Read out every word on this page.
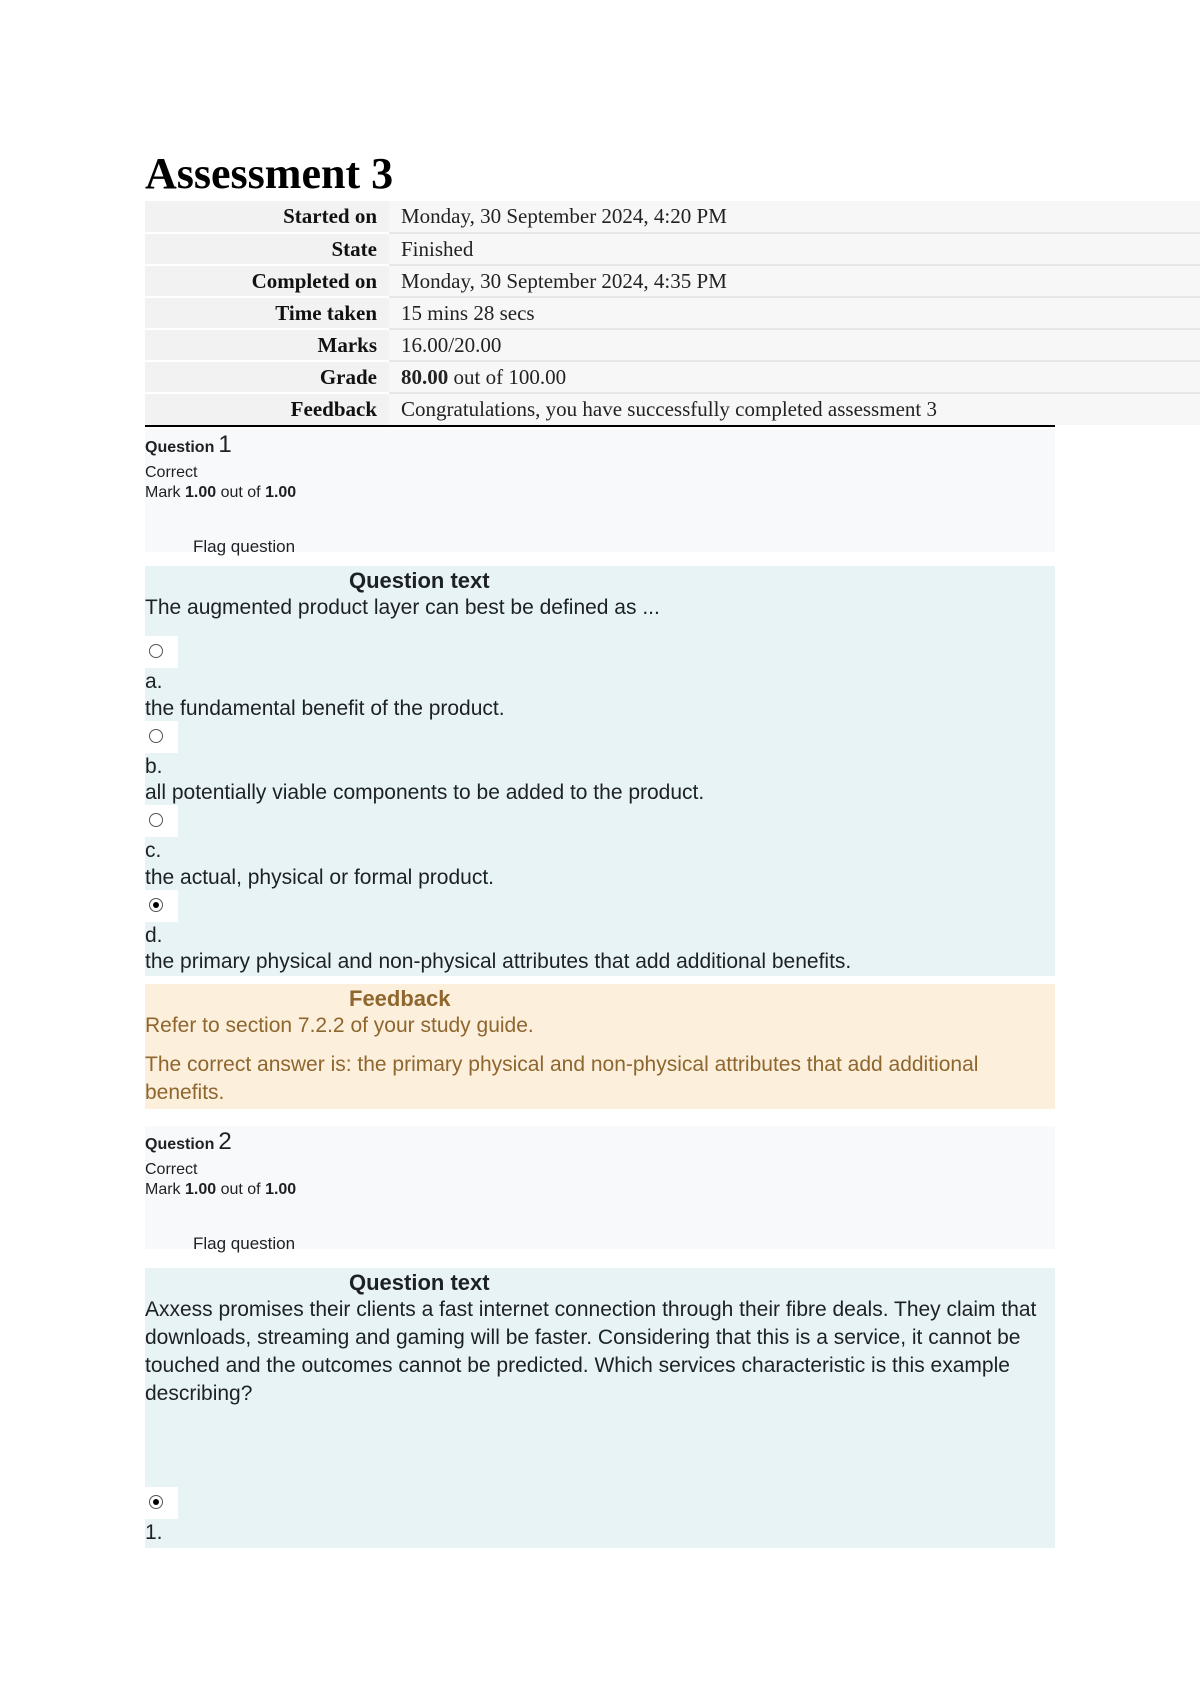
Assessment 3
Started on	Monday, 30 September 2024, 4:20 PM
State	Finished
Completed on	Monday, 30 September 2024, 4:35 PM
Time taken	15 mins 28 secs
Marks	16.00/20.00
Grade	80.00 out of 100.00
Feedback	Congratulations, you have successfully completed assessment 3
Question 1
Correct
Mark 1.00 out of 1.00
Flag question
Question text
The augmented product layer can best be defined as ...
a.
the fundamental benefit of the product.
b.
all potentially viable components to be added to the product.
c.
the actual, physical or formal product.
d.
the primary physical and non-physical attributes that add additional benefits.
Feedback
Refer to section 7.2.2 of your study guide.
The correct answer is: the primary physical and non-physical attributes that add additional benefits.
Question 2
Correct
Mark 1.00 out of 1.00
Flag question
Question text
Axxess promises their clients a fast internet connection through their fibre deals. They claim that downloads, streaming and gaming will be faster. Considering that this is a service, it cannot be touched and the outcomes cannot be predicted. Which services characteristic is this example describing?
1.
